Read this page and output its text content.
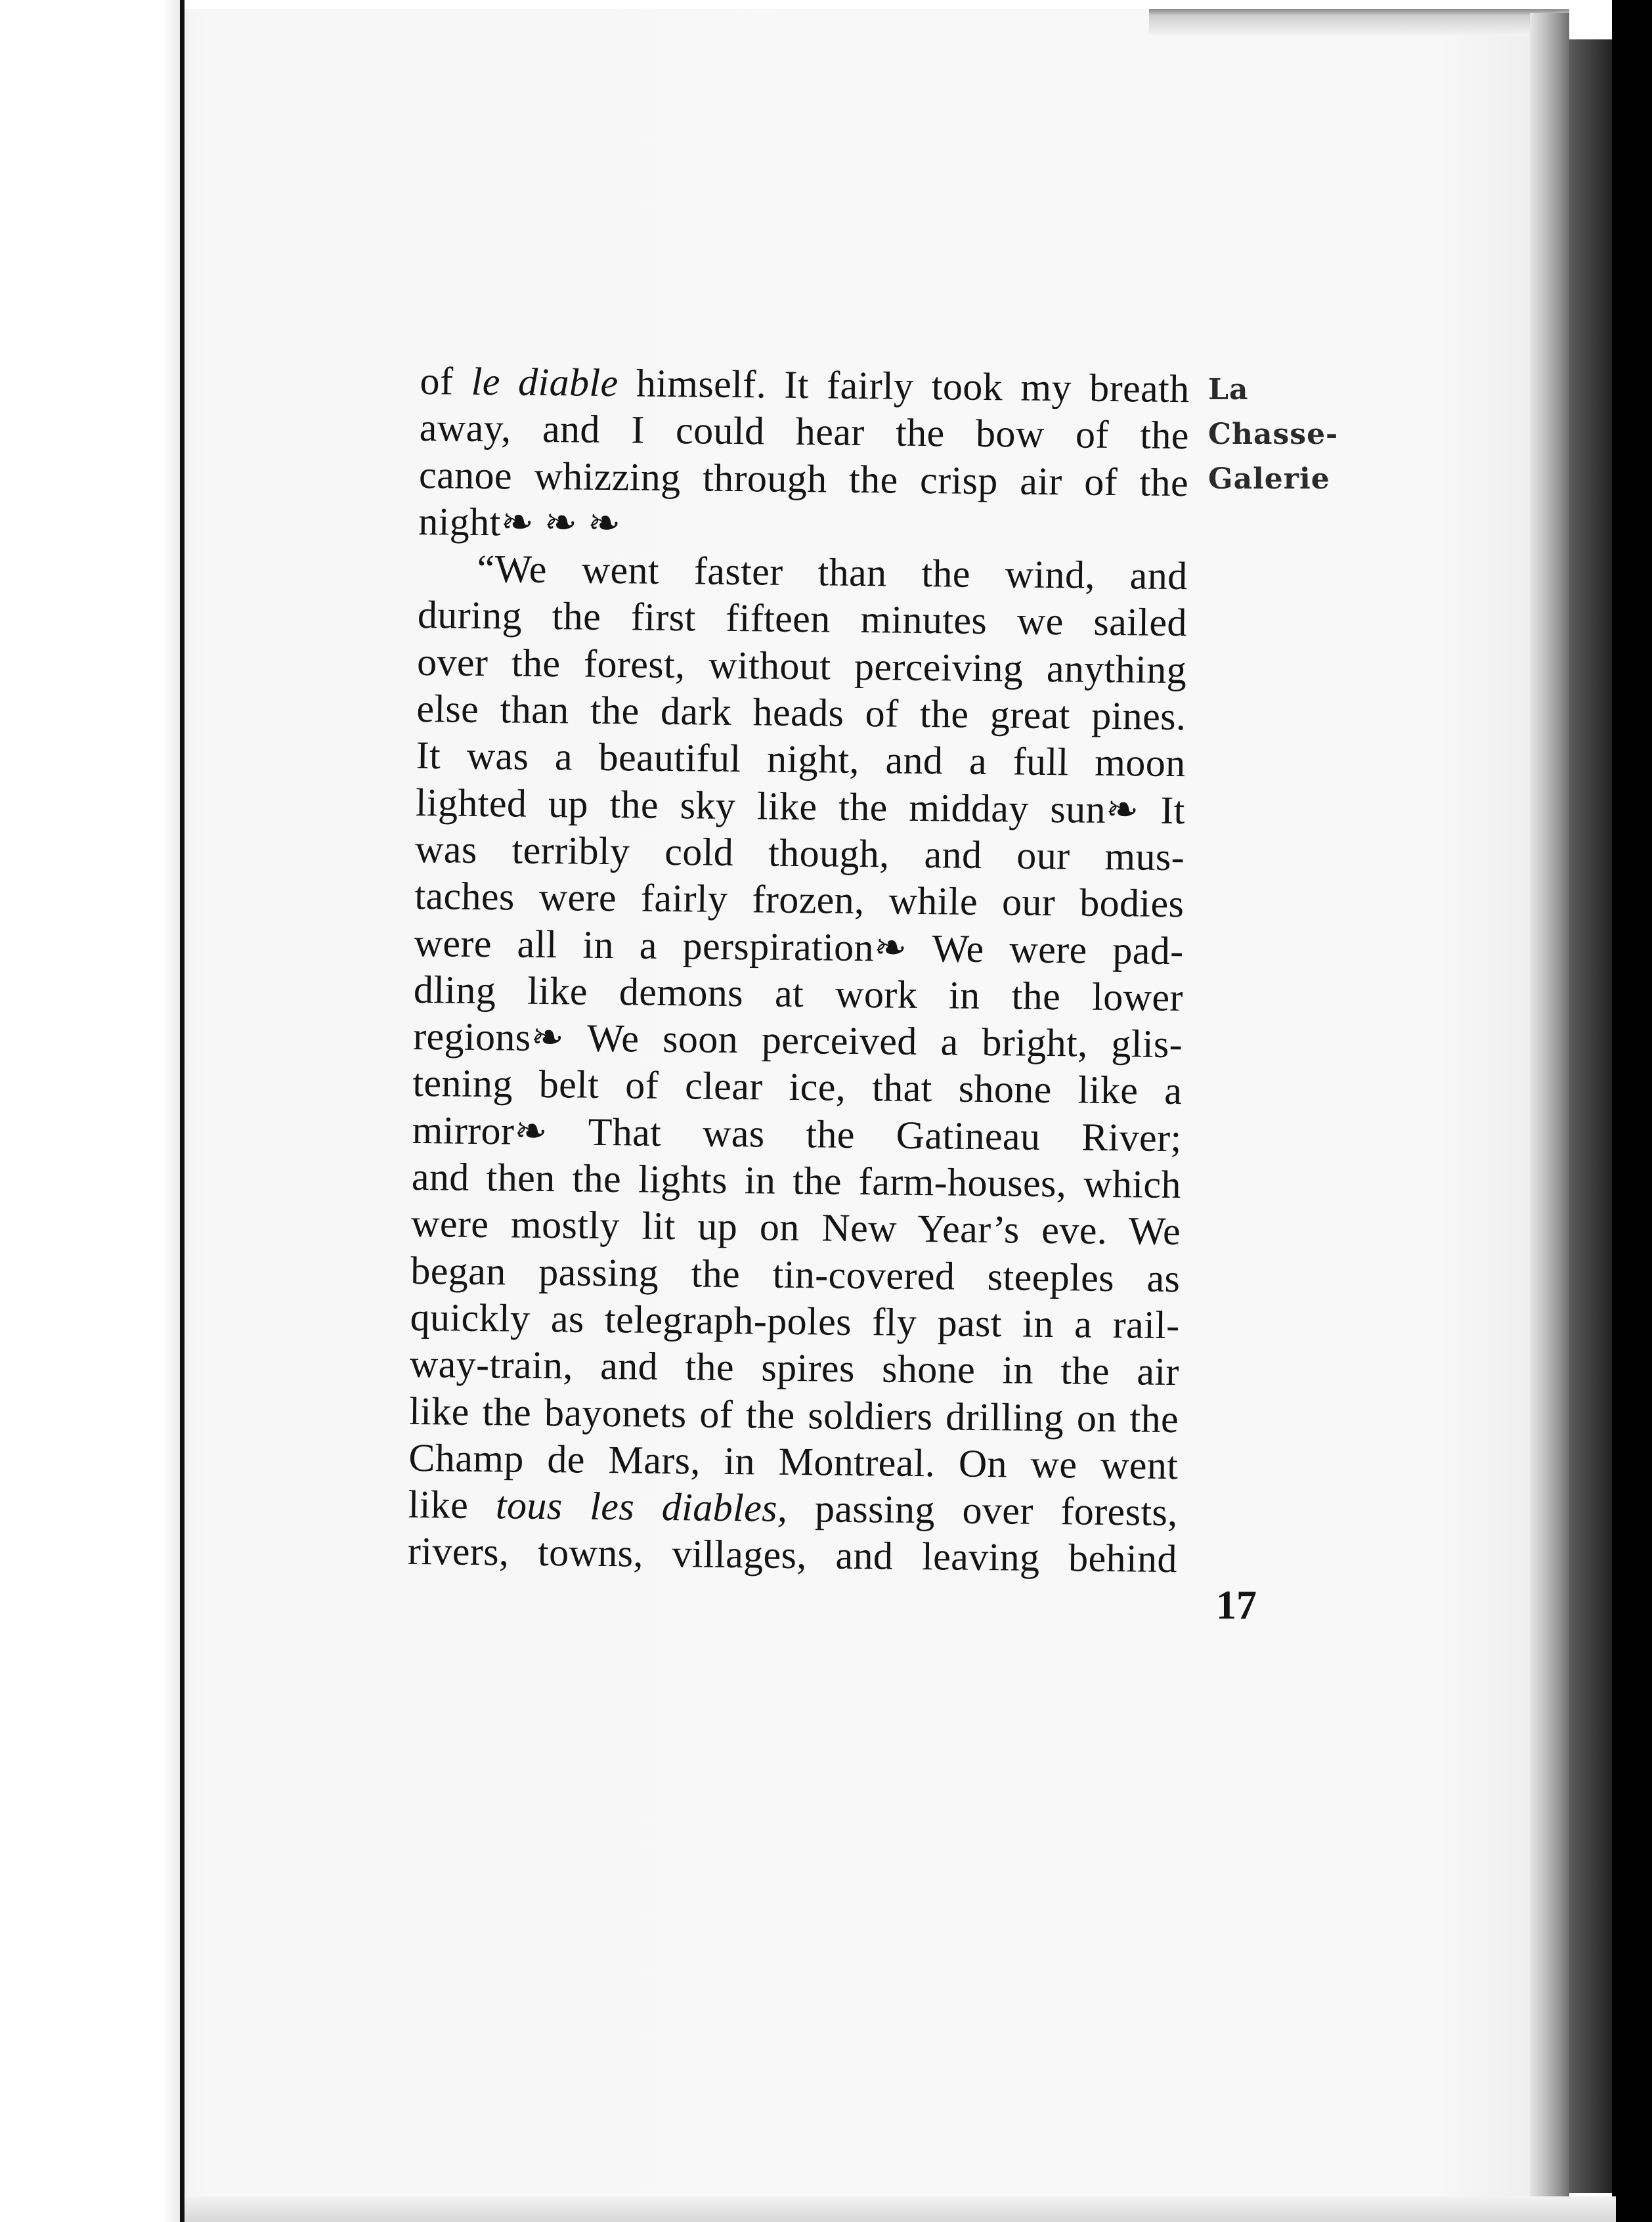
La
Chasse-
Galerie
of le diable himself. It fairly took my breath
away, and I could hear the bow of the
canoe whizzing through the crisp air of the
night❧ ❧ ❧
“We went faster than the wind, and
during the first fifteen minutes we sailed
over the forest, without perceiving anything
else than the dark heads of the great pines.
It was a beautiful night, and a full moon
lighted up the sky like the midday sun❧ It
was terribly cold though, and our mus-
taches were fairly frozen, while our bodies
were all in a perspiration❧ We were pad-
dling like demons at work in the lower
regions❧ We soon perceived a bright, glis-
tening belt of clear ice, that shone like a
mirror❧ That was the Gatineau River;
and then the lights in the farm-houses, which
were mostly lit up on New Year’s eve. We
began passing the tin-covered steeples as
quickly as telegraph-poles fly past in a rail-
way-train, and the spires shone in the air
like the bayonets of the soldiers drilling on the
Champ de Mars, in Montreal. On we went
like tous les diables, passing over forests,
rivers, towns, villages, and leaving behind
17
